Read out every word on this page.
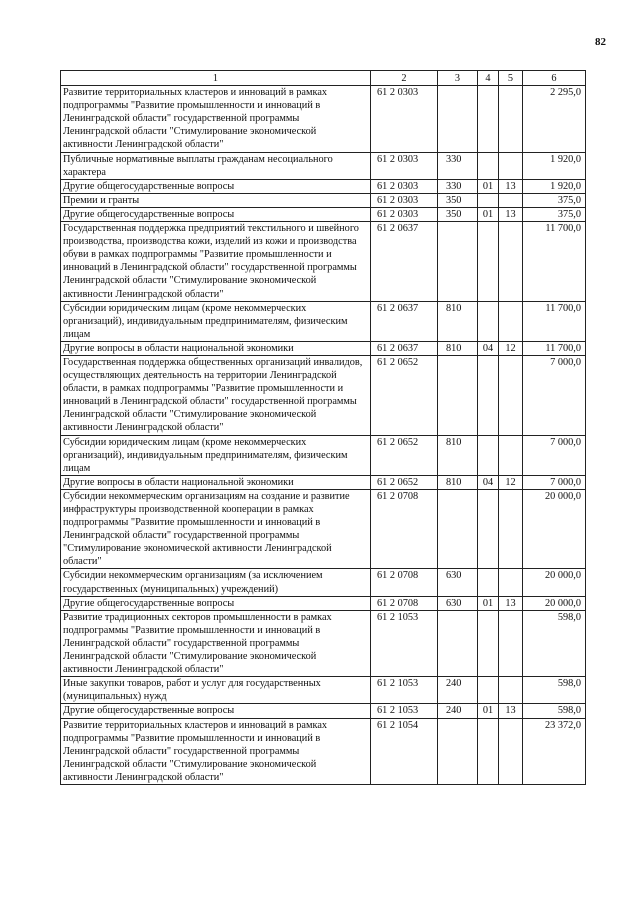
82
1	2	3	4	5	6
Развитие территориальных кластеров и инноваций в рамках подпрограммы "Развитие промышленности и инноваций в Ленинградской области" государственной программы Ленинградской области "Стимулирование экономической активности Ленинградской области"	61 2 0303				2 295,0
Публичные нормативные выплаты гражданам несоциального характера	61 2 0303	330			1 920,0
Другие общегосударственные вопросы	61 2 0303	330	01	13	1 920,0
Премии и гранты	61 2 0303	350			375,0
Другие общегосударственные вопросы	61 2 0303	350	01	13	375,0
Государственная поддержка предприятий текстильного и швейного производства, производства кожи, изделий из кожи и производства обуви в рамках подпрограммы "Развитие промышленности и инноваций в Ленинградской области" государственной программы Ленинградской области "Стимулирование экономической активности Ленинградской области"	61 2 0637				11 700,0
Субсидии юридическим лицам (кроме некоммерческих организаций), индивидуальным предпринимателям, физическим лицам	61 2 0637	810			11 700,0
Другие вопросы в области национальной экономики	61 2 0637	810	04	12	11 700,0
Государственная поддержка общественных организаций инвалидов, осуществляющих деятельность на территории Ленинградской области, в рамках подпрограммы "Развитие промышленности и инноваций в Ленинградской области" государственной программы Ленинградской области "Стимулирование экономической активности Ленинградской области"	61 2 0652				7 000,0
Субсидии юридическим лицам (кроме некоммерческих организаций), индивидуальным предпринимателям, физическим лицам	61 2 0652	810			7 000,0
Другие вопросы в области национальной экономики	61 2 0652	810	04	12	7 000,0
Субсидии некоммерческим организациям на создание и развитие инфраструктуры производственной кооперации в рамках подпрограммы "Развитие промышленности и инноваций в Ленинградской области" государственной программы "Стимулирование экономической активности Ленинградской области"	61 2 0708				20 000,0
Субсидии некоммерческим организациям (за исключением государственных (муниципальных) учреждений)	61 2 0708	630			20 000,0
Другие общегосударственные вопросы	61 2 0708	630	01	13	20 000,0
Развитие традиционных секторов промышленности в рамках подпрограммы "Развитие промышленности и инноваций в Ленинградской области" государственной программы Ленинградской области "Стимулирование экономической активности Ленинградской области"	61 2 1053				598,0
Иные закупки товаров, работ и услуг для государственных (муниципальных) нужд	61 2 1053	240			598,0
Другие общегосударственные вопросы	61 2 1053	240	01	13	598,0
Развитие территориальных кластеров и инноваций в рамках подпрограммы "Развитие промышленности и инноваций в Ленинградской области" государственной программы Ленинградской области "Стимулирование экономической активности Ленинградской области"	61 2 1054				23 372,0
